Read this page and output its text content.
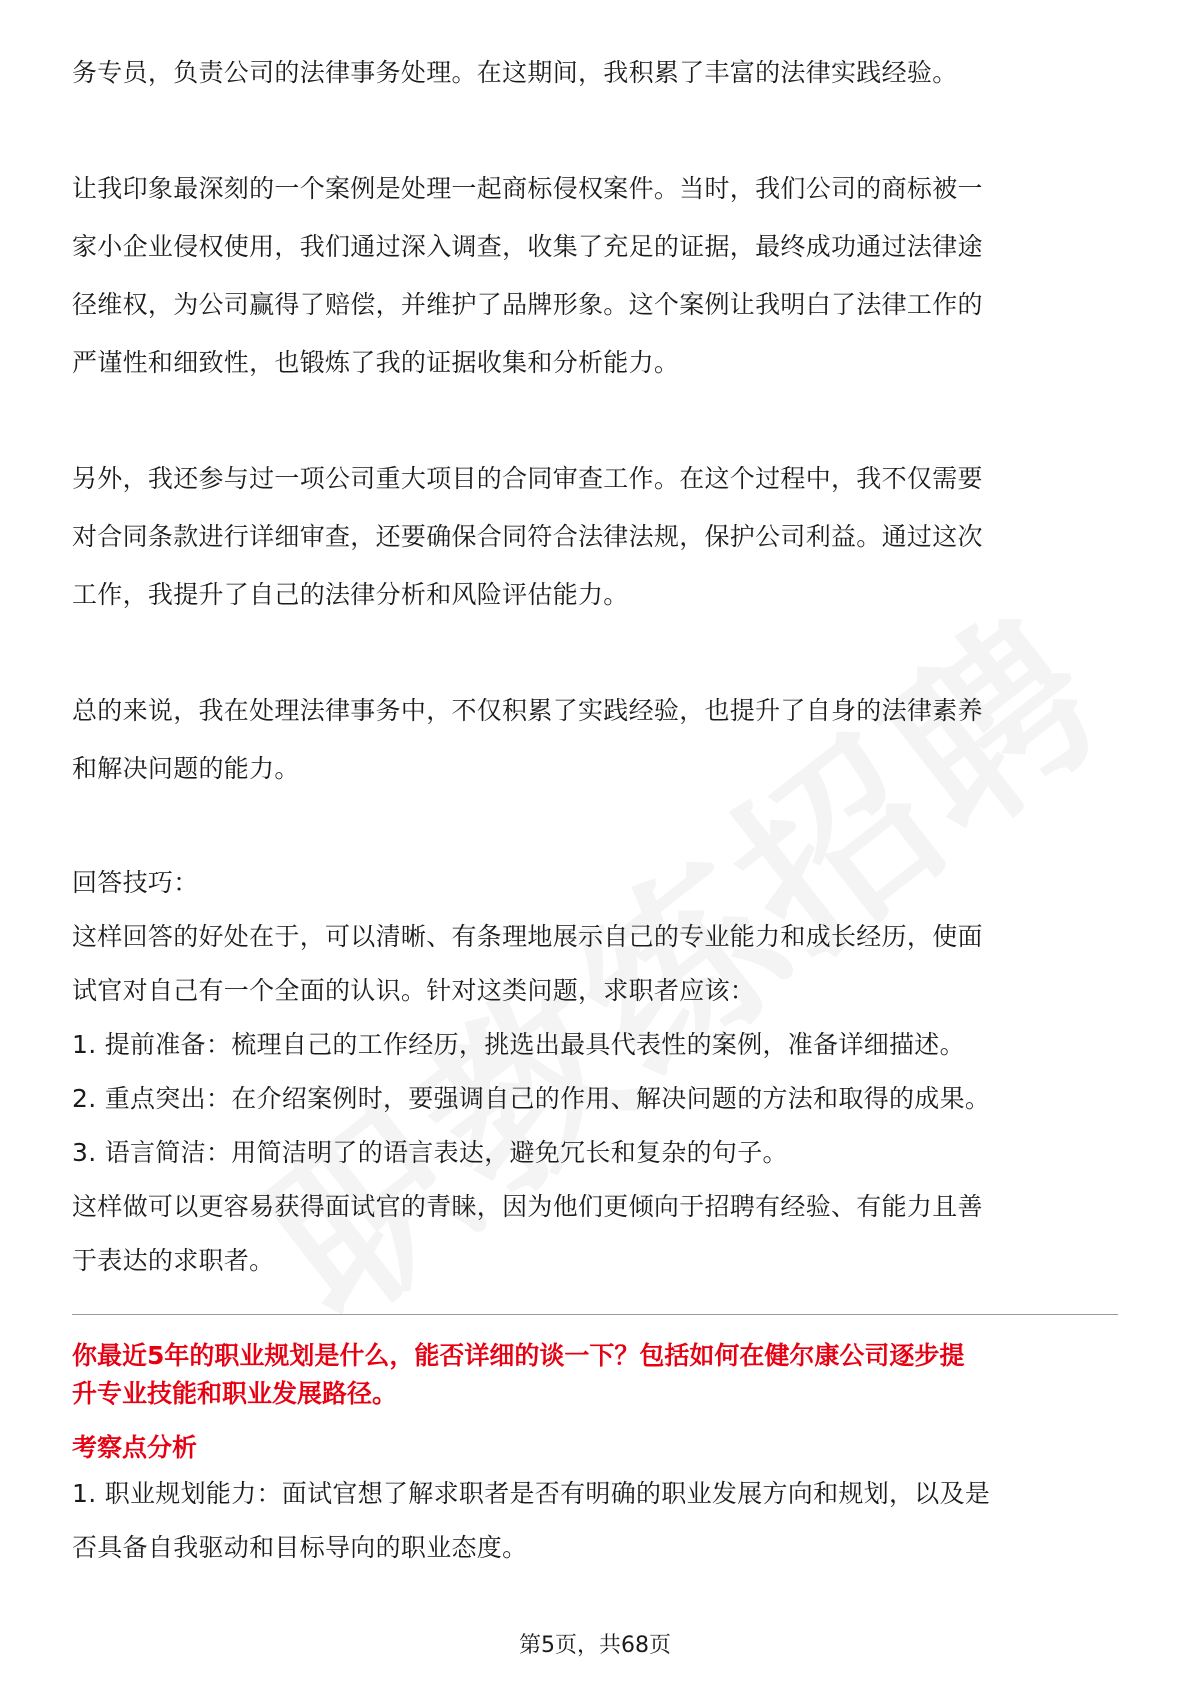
务专员，负责公司的法律事务处理。在这期间，我积累了丰富的法律实践经验。

让我印象最深刻的一个案例是处理一起商标侵权案件。当时，我们公司的商标被一

家小企业侵权使用，我们通过深入调查，收集了充足的证据，最终成功通过法律途

径维权，为公司赢得了赔偿，并维护了品牌形象。这个案例让我明白了法律工作的

严谨性和细致性，也锻炼了我的证据收集和分析能力。

另外，我还参与过一项公司重大项目的合同审查工作。在这个过程中，我不仅需要

对合同条款进行详细审查，还要确保合同符合法律法规，保护公司利益。通过这次

工作，我提升了自己的法律分析和风险评估能力。

总的来说，我在处理法律事务中，不仅积累了实践经验，也提升了自身的法律素养

和解决问题的能力。

回答技巧：

这样回答的好处在于，可以清晰、有条理地展示自己的专业能力和成长经历，使面

试官对自己有一个全面的认识。针对这类问题，求职者应该：

1. 提前准备：梳理自己的工作经历，挑选出最具代表性的案例，准备详细描述。

2. 重点突出：在介绍案例时，要强调自己的作用、解决问题的方法和取得的成果。

3. 语言简洁：用简洁明了的语言表达，避免冗长和复杂的句子。

这样做可以更容易获得面试官的青睐，因为他们更倾向于招聘有经验、有能力且善

于表达的求职者。

你最近5年的职业规划是什么，能否详细的谈一下？包括如何在健尔康公司逐步提

升专业技能和职业发展路径。

考察点分析

1. 职业规划能力：面试官想了解求职者是否有明确的职业发展方向和规划，以及是

否具备自我驱动和目标导向的职业态度。

第5页，共68页
